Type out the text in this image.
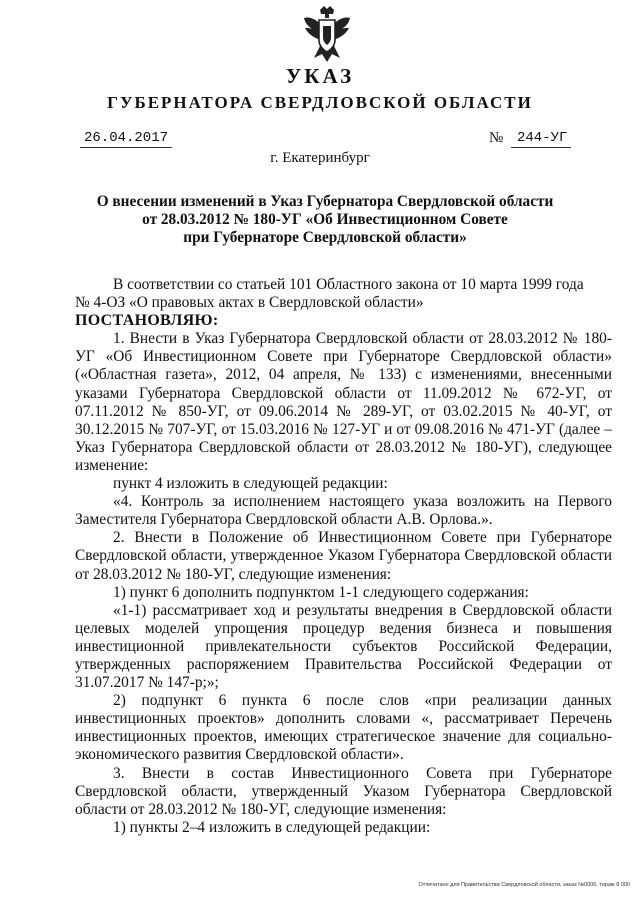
УКАЗ
ГУБЕРНАТОРА СВЕРДЛОВСКОЙ ОБЛАСТИ
26.04.2017	№ 244-УГ
г. Екатеринбург
О внесении изменений в Указ Губернатора Свердловской области
от 28.03.2012 № 180-УГ «Об Инвестиционном Совете
при Губернаторе Свердловской области»

В соответствии со статьей 101 Областного закона от 10 марта 1999 года

№ 4-ОЗ «О правовых актах в Свердловской области»

ПОСТАНОВЛЯЮ:

1. Внести в Указ Губернатора Свердловской области от 28.03.2012 № 180-УГ «Об Инвестиционном Совете при Губернаторе Свердловской области» («Областная газета», 2012, 04 апреля, № 133) с изменениями, внесенными указами Губернатора Свердловской области от 11.09.2012 № 672-УГ, от 07.11.2012 № 850-УГ, от 09.06.2014 № 289-УГ, от 03.02.2015 № 40-УГ, от 30.12.2015 № 707-УГ, от 15.03.2016 № 127-УГ и от 09.08.2016 № 471-УГ (далее – Указ Губернатора Свердловской области от 28.03.2012 № 180-УГ), следующее изменение:

пункт 4 изложить в следующей редакции:

«4. Контроль за исполнением настоящего указа возложить на Первого Заместителя Губернатора Свердловской области А.В. Орлова.».

2. Внести в Положение об Инвестиционном Совете при Губернаторе Свердловской области, утвержденное Указом Губернатора Свердловской области от 28.03.2012 № 180-УГ, следующие изменения:

1) пункт 6 дополнить подпунктом 1-1 следующего содержания:

«1-1) рассматривает ход и результаты внедрения в Свердловской области целевых моделей упрощения процедур ведения бизнеса и повышения инвестиционной привлекательности субъектов Российской Федерации, утвержденных распоряжением Правительства Российской Федерации от 31.07.2017 № 147-р;»;

2) подпункт 6 пункта 6 после слов «при реализации данных инвестиционных проектов» дополнить словами «, рассматривает Перечень инвестиционных проектов, имеющих стратегическое значение для социально-экономического развития Свердловской области».

3. Внести в состав Инвестиционного Совета при Губернаторе Свердловской области, утвержденный Указом Губернатора Свердловской области от 28.03.2012 № 180-УГ, следующие изменения:

1) пункты 2–4 изложить в следующей редакции:

Отпечатано для Правительства Свердловской области, заказ №0006, тираж 8 000
